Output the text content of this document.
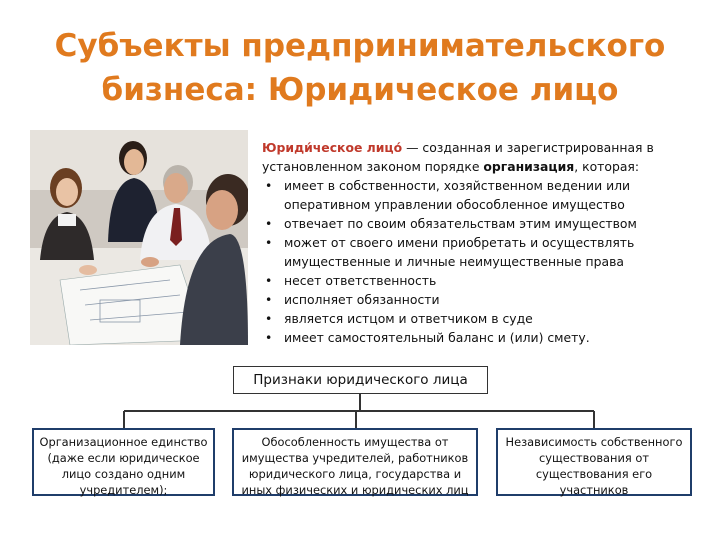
Субъекты предпринимательского
бизнеса: Юридическое лицо
Юриди́ческое лицо́ — созданная и зарегистрированная в установленном законом порядке организация, которая:
• имеет в собственности, хозяйственном ведении или оперативном управлении обособленное имущество
• отвечает по своим обязательствам этим имуществом
• может от своего имени приобретать и осуществлять имущественные и личные неимущественные права
• несет ответственность
• исполняет обязанности
• является истцом и ответчиком в суде
• имеет самостоятельный баланс и (или) смету.
Признаки юридического лица
Организационное единство (даже если юридическое лицо создано одним учредителем);
Обособленность имущества от имущества учредителей, работников юридического лица, государства и иных физических и юридических лиц
Независимость собственного существования от существования его участников
